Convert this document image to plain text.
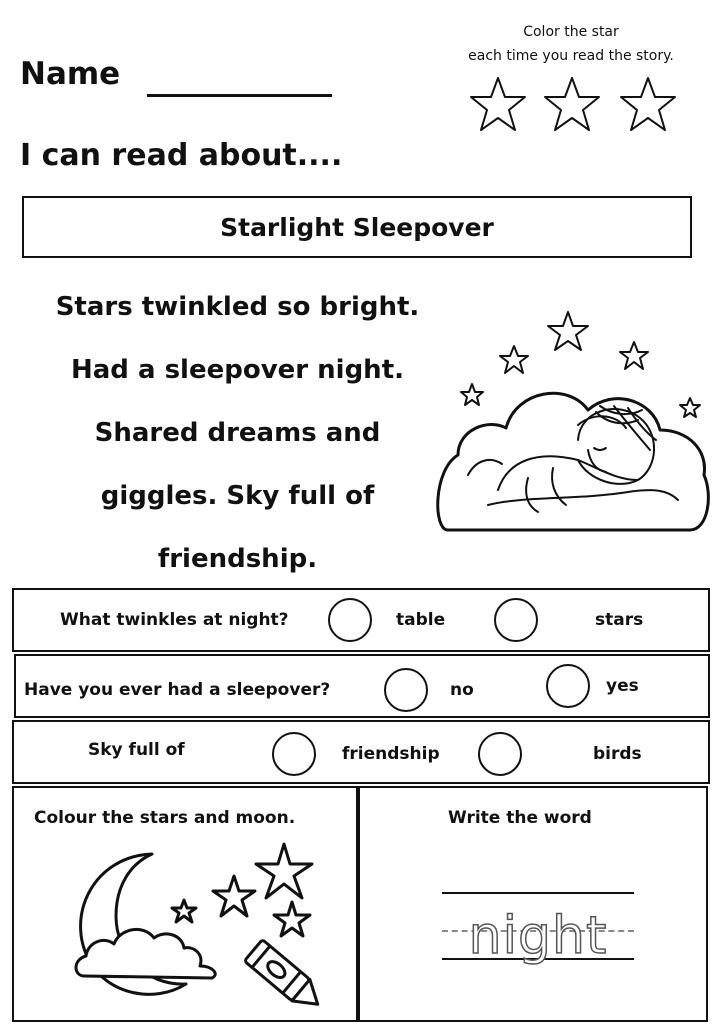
Name
Color the star
each time you read the story.
I can read about....
Starlight Sleepover
Stars twinkled so bright.
Had a sleepover night.
Shared dreams and
giggles. Sky full of
friendship.
What twinkles at night?	table	stars
Have you ever had a sleepover?	no	yes
Sky full of	friendship	birds
Colour the stars and moon.	Write the word
night
